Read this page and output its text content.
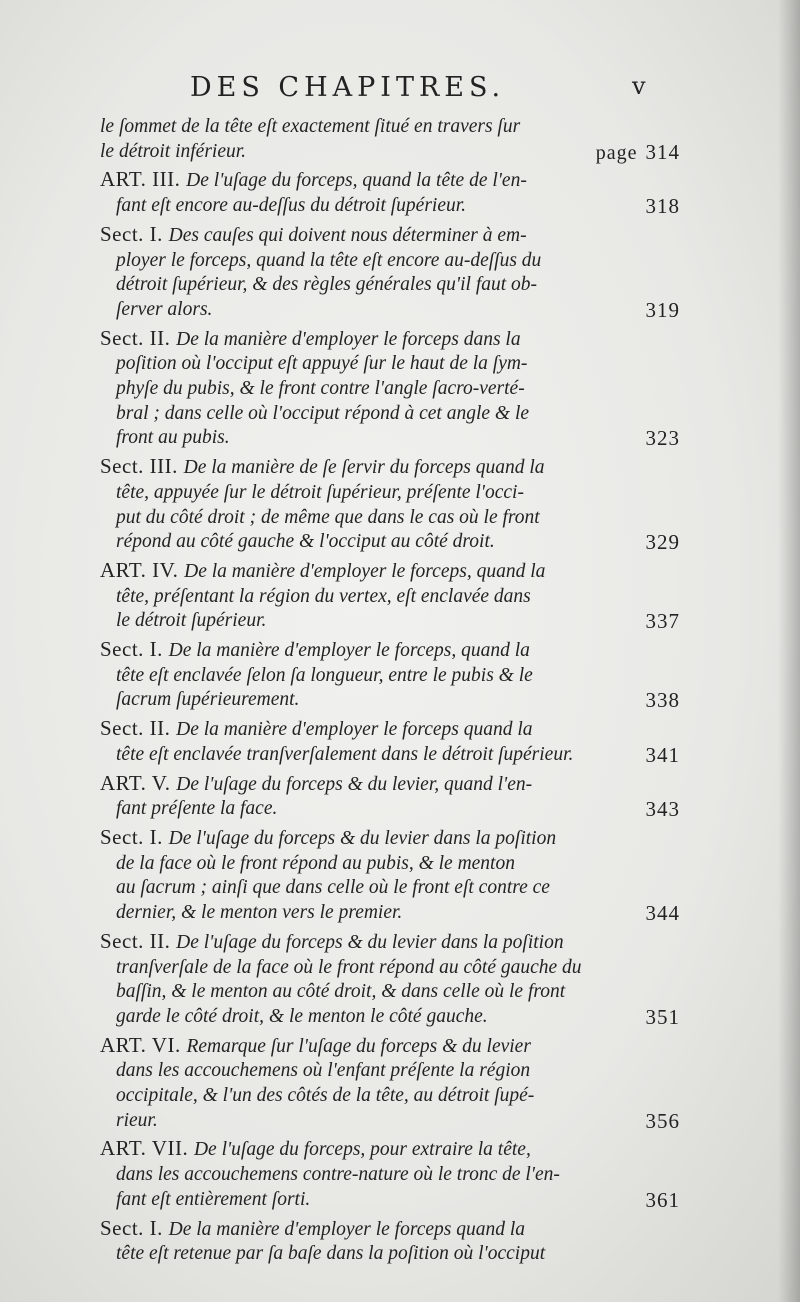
DES CHAPITRES.	v
le ſommet de la tête eſt exactement ſitué en travers ſur
le détroit inférieur.	page 314
ART. III. De l'uſage du forceps, quand la tête de l'en-
fant eſt encore au-deſſus du détroit ſupérieur.	318
Sect. I. Des cauſes qui doivent nous déterminer à em-
ployer le forceps, quand la tête eſt encore au-deſſus du
détroit ſupérieur, & des règles générales qu'il faut ob-
ſerver alors.	319
Sect. II. De la manière d'employer le forceps dans la
poſition où l'occiput eſt appuyé ſur le haut de la ſym-
phyſe du pubis, & le front contre l'angle ſacro-verté-
bral ; dans celle où l'occiput répond à cet angle & le
front au pubis.	323
Sect. III. De la manière de ſe ſervir du forceps quand la
tête, appuyée ſur le détroit ſupérieur, préſente l'occi-
put du côté droit ; de même que dans le cas où le front
répond au côté gauche & l'occiput au côté droit.	329
ART. IV. De la manière d'employer le forceps, quand la
tête, préſentant la région du vertex, eſt enclavée dans
le détroit ſupérieur.	337
Sect. I. De la manière d'employer le forceps, quand la
tête eſt enclavée ſelon ſa longueur, entre le pubis & le
ſacrum ſupérieurement.	338
Sect. II. De la manière d'employer le forceps quand la
tête eſt enclavée tranſverſalement dans le détroit ſupérieur.	341
ART. V. De l'uſage du forceps & du levier, quand l'en-
fant préſente la face.	343
Sect. I. De l'uſage du forceps & du levier dans la poſition
de la face où le front répond au pubis, & le menton
au ſacrum ; ainſi que dans celle où le front eſt contre ce
dernier, & le menton vers le premier.	344
Sect. II. De l'uſage du forceps & du levier dans la poſition
tranſverſale de la face où le front répond au côté gauche du
baſſin, & le menton au côté droit, & dans celle où le front
garde le côté droit, & le menton le côté gauche.	351
ART. VI. Remarque ſur l'uſage du forceps & du levier
dans les accouchemens où l'enfant préſente la région
occipitale, & l'un des côtés de la tête, au détroit ſupé-
rieur.	356
ART. VII. De l'uſage du forceps, pour extraire la tête,
dans les accouchemens contre-nature où le tronc de l'en-
fant eſt entièrement ſorti.	361
Sect. I. De la manière d'employer le forceps quand la
tête eſt retenue par ſa baſe dans la poſition où l'occiput
